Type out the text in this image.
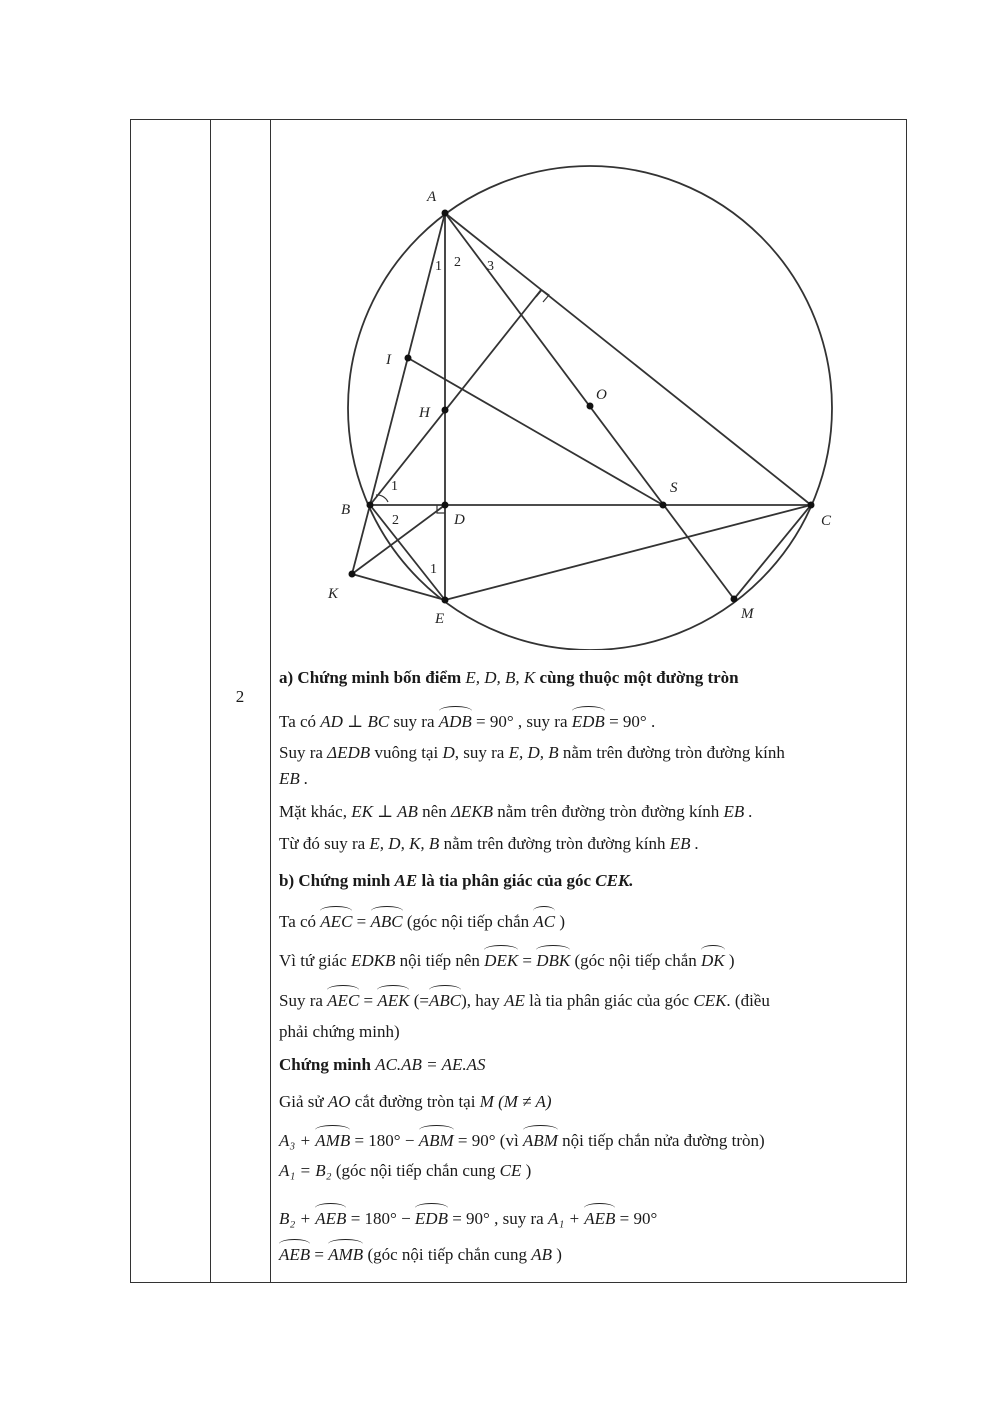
2
A
I
H
O
B
D
S
C
K
E	M
1 2 3
1
2
1
a) Chứng minh bốn điểm E, D, B, K cùng thuộc một đường tròn
Ta có AD ⊥ BC suy ra ADB = 90° , suy ra EDB = 90° .
Suy ra ΔEDB vuông tại D, suy ra E, D, B nằm trên đường tròn đường kính
EB .
Mặt khác, EK ⊥ AB nên ΔEKB nằm trên đường tròn đường kính EB .
Từ đó suy ra E, D, K, B nằm trên đường tròn đường kính EB .
b) Chứng minh AE là tia phân giác của góc CEK.
Ta có AEC = ABC (góc nội tiếp chắn AC )
Vì tứ giác EDKB nội tiếp nên DEK = DBK (góc nội tiếp chắn DK )
Suy ra AEC = AEK (=ABC), hay AE là tia phân giác của góc CEK. (điều
phải chứng minh)
Chứng minh AC.AB = AE.AS
Giả sử AO cắt đường tròn tại M (M ≠ A)
A₃ + AMB = 180° − ABM = 90° (vì ABM nội tiếp chắn nửa đường tròn)
A₁ = B₂ (góc nội tiếp chắn cung CE )
B₂ + AEB = 180° − EDB = 90° , suy ra A₁ + AEB = 90°
AEB = AMB (góc nội tiếp chắn cung AB )
